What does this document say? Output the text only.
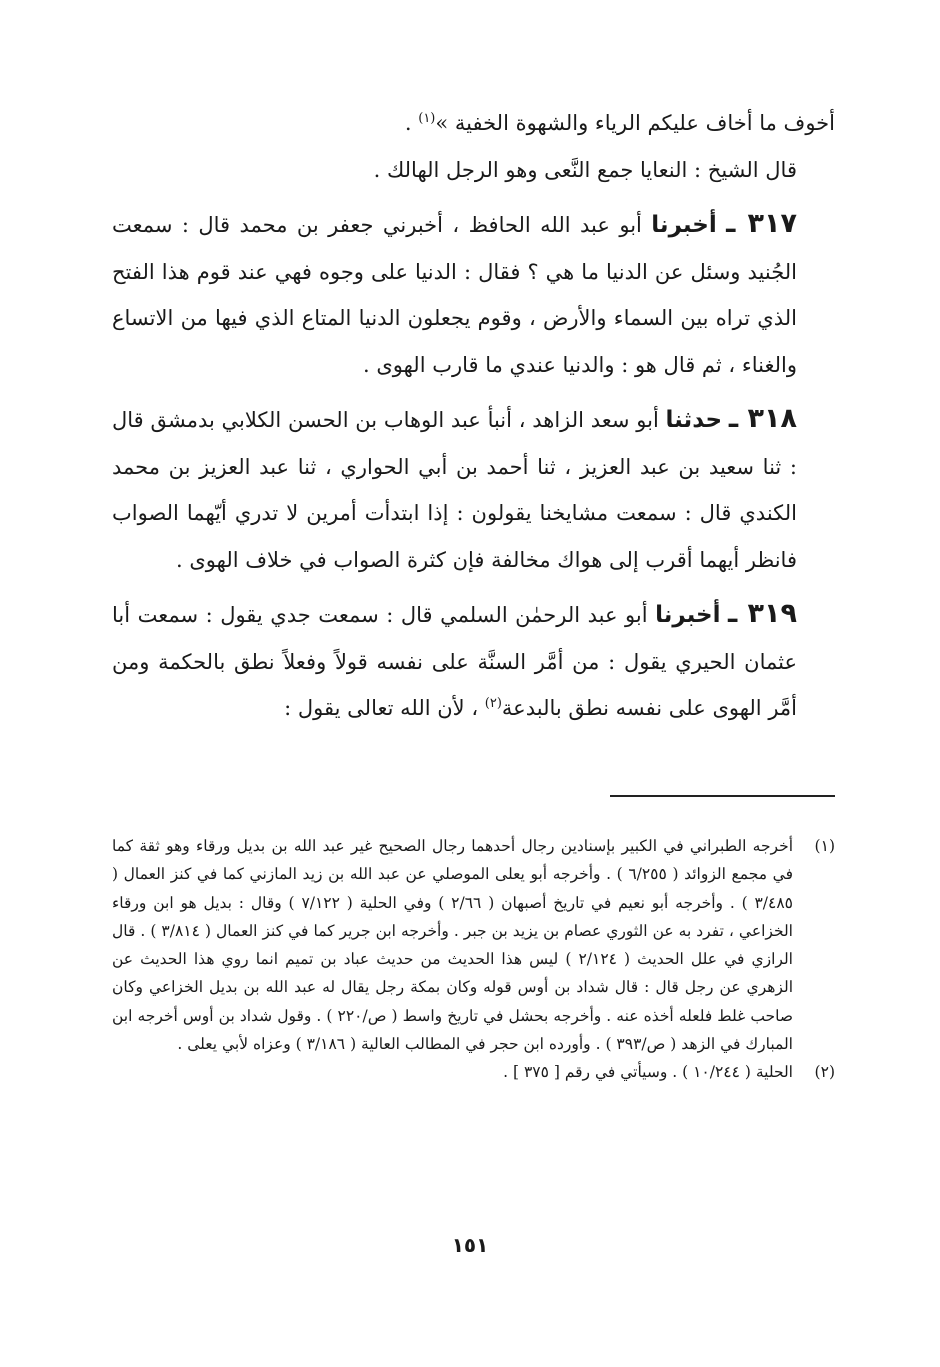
أخوف ما أخاف عليكم الرياء والشهوة الخفية »$^{(١)}$ .

قال الشيخ : النعايا جمع النَّعى وهو الرجل الهالك .

٣١٧ ـ أخبرنا أبو عبد الله الحافظ ، أخبرني جعفر بن محمد قال : سمعت الجُنيد وسئل عن الدنيا ما هي ؟ فقال : الدنيا على وجوه فهي عند قوم هذا الفتح الذي تراه بين السماء والأرض ، وقوم يجعلون الدنيا المتاع الذي فيها من الاتساع والغناء ، ثم قال هو : والدنيا عندي ما قارب الهوى .

٣١٨ ـ حدثنا أبو سعد الزاهد ، أنبأ عبد الوهاب بن الحسن الكلابي بدمشق قال : ثنا سعيد بن عبد العزيز ، ثنا أحمد بن أبي الحواري ، ثنا عبد العزيز بن محمد الكندي قال : سمعت مشايخنا يقولون : إذا ابتدأت أمرين لا تدري أيّهما الصواب فانظر أيهما أقرب إلى هواك مخالفة فإن كثرة الصواب في خلاف الهوى .

٣١٩ ـ أخبرنا أبو عبد الرحمٰن السلمي قال : سمعت جدي يقول : سمعت أبا عثمان الحيري يقول : من أمَّر السنَّة على نفسه قولاً وفعلاً نطق بالحكمة ومن أمَّر الهوى على نفسه نطق بالبدعة$^{(٢)}$ ، لأن الله تعالى يقول :

(١)
أخرجه الطبراني في الكبير بإسنادين رجال أحدهما رجال الصحيح غير عبد الله بن بديل ورقاء وهو ثقة كما في مجمع الزوائد ( ٦/٢٥٥ ) . وأخرجه أبو يعلى الموصلي عن عبد الله بن زيد المازني كما في كنز العمال ( ٣/٤٨٥ ) . وأخرجه أبو نعيم في تاريخ أصبهان ( ٢/٦٦ ) وفي الحلية ( ٧/١٢٢ ) وقال : بديل هو ابن ورقاء الخزاعي ، تفرد به عن الثوري عصام بن يزيد بن جبر . وأخرجه ابن جرير كما في كنز العمال ( ٣/٨١٤ ) . قال الرازي في علل الحديث ( ٢/١٢٤ ) ليس هذا الحديث من حديث عباد بن تميم انما روي هذا الحديث عن الزهري عن رجل قال : قال شداد بن أوس قوله وكان بمكة رجل يقال له عبد الله بن بديل الخزاعي وكان صاحب غلط فلعله أخذه عنه . وأخرجه بحشل في تاريخ واسط ( ص/٢٢٠ ) . وقول شداد بن أوس أخرجه ابن المبارك في الزهد ( ص/٣٩٣ ) . وأورده ابن حجر في المطالب العالية ( ٣/١٨٦ ) وعزاه لأبي يعلى .

(٢)
الحلية ( ١٠/٢٤٤ ) . وسيأتي في رقم [ ٣٧٥ ] .

١٥١
